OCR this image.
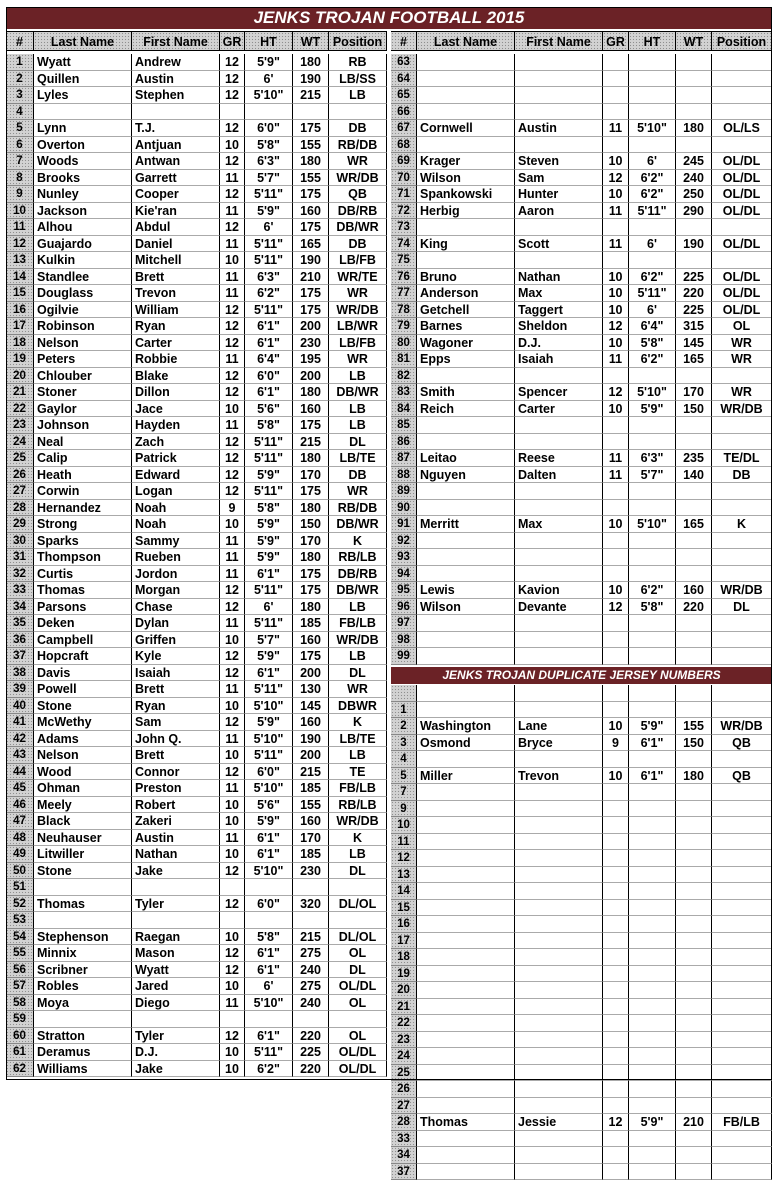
JENKS TROJAN FOOTBALL 2015
#	Last Name	First Name	GR	HT	WT	Position	#	Last Name	First Name	GR	HT	WT	Position
1	Wyatt	Andrew	12	5'9"	180	RB
2	Quillen	Austin	12	6'	190	LB/SS
3	Lyles	Stephen	12	5'10"	215	LB
4
5	Lynn	T.J.	12	6'0"	175	DB
6	Overton	Antjuan	10	5'8"	155	RB/DB
7	Woods	Antwan	12	6'3"	180	WR
8	Brooks	Garrett	11	5'7"	155	WR/DB
9	Nunley	Cooper	12	5'11"	175	QB
10 Jackson	Kie'ran	11	5'9"	160	DB/RB
11 Alhou	Abdul	12	6'	175	DB/WR
12 Guajardo	Daniel	11	5'11"	165	DB
13 Kulkin	Mitchell	10	5'11"	190	LB/FB
14 Standlee	Brett	11	6'3"	210	WR/TE
15 Douglass	Trevon	11	6'2"	175	WR
16 Ogilvie	William	12	5'11"	175	WR/DB
17 Robinson	Ryan	12	6'1"	200	LB/WR
18 Nelson	Carter	12	6'1"	230	LB/FB
19 Peters	Robbie	11	6'4"	195	WR
20 Chlouber	Blake	12	6'0"	200	LB
21 Stoner	Dillon	12	6'1"	180	DB/WR
22 Gaylor	Jace	10	5'6"	160	LB
23 Johnson	Hayden	11	5'8"	175	LB
24 Neal	Zach	12	5'11"	215	DL
25 Calip	Patrick	12	5'11"	180	LB/TE
26 Heath	Edward	12	5'9"	170	DB
27 Corwin	Logan	12	5'11"	175	WR
28 Hernandez	Noah	9	5'8"	180	RB/DB
29 Strong	Noah	10	5'9"	150	DB/WR
30 Sparks	Sammy	11	5'9"	170	K
31 Thompson	Rueben	11	5'9"	180	RB/LB
32 Curtis	Jordon	11	6'1"	175	DB/RB
33 Thomas	Morgan	12	5'11"	175	DB/WR
34 Parsons	Chase	12	6'	180	LB
35 Deken	Dylan	11	5'11"	185	FB/LB
36 Campbell	Griffen	10	5'7"	160	WR/DB
37 Hopcraft	Kyle	12	5'9"	175	LB
38 Davis	Isaiah	12	6'1"	200	DL
39 Powell	Brett	11	5'11"	130	WR
40 Stone	Ryan	10	5'10"	145	DBWR
41 McWethy	Sam	12	5'9"	160	K
42 Adams	John Q.	11	5'10"	190	LB/TE
43 Nelson	Brett	10	5'11"	200	LB
44 Wood	Connor	12	6'0"	215	TE
45 Ohman	Preston	11	5'10"	185	FB/LB
46 Meely	Robert	10	5'6"	155	RB/LB
47 Black	Zakeri	10	5'9"	160	WR/DB
48 Neuhauser	Austin	11	6'1"	170	K
49 Litwiller	Nathan	10	6'1"	185	LB
50 Stone	Jake	12	5'10"	230	DL
51
52 Thomas	Tyler	12	6'0"	320	DL/OL
53
54 Stephenson	Raegan	10	5'8"	215	DL/OL
55 Minnix	Mason	12	6'1"	275	OL
56 Scribner	Wyatt	12	6'1"	240	DL
57 Robles	Jared	10	6'	275	OL/DL
58 Moya	Diego	11	5'10"	240	OL
59
60 Stratton	Tyler	12	6'1"	220	OL
61 Deramus	D.J.	10	5'11"	225	OL/DL
62 Williams	Jake	10	6'2"	220	OL/DL
63
64
65
66
67 Cornwell	Austin	11	5'10"	180	OL/LS
68
69 Krager	Steven	10	6'	245	OL/DL
70 Wilson	Sam	12	6'2"	240	OL/DL
71 Spankowski	Hunter	10	6'2"	250	OL/DL
72 Herbig	Aaron	11	5'11"	290	OL/DL
73
74 King	Scott	11	6'	190	OL/DL
75
76 Bruno	Nathan	10	6'2"	225	OL/DL
77 Anderson	Max	10	5'11"	220	OL/DL
78 Getchell	Taggert	10	6'	225	OL/DL
79 Barnes	Sheldon	12	6'4"	315	OL
80 Wagoner	D.J.	10	5'8"	145	WR
81 Epps	Isaiah	11	6'2"	165	WR
82
83 Smith	Spencer	12	5'10"	170	WR
84 Reich	Carter	10	5'9"	150	WR/DB
85
86
87 Leitao	Reese	11	6'3"	235	TE/DL
88 Nguyen	Dalten	11	5'7"	140	DB
89
90
91 Merritt	Max	10	5'10"	165	K
92
93
94
95 Lewis	Kavion	10	6'2"	160	WR/DB
96 Wilson	Devante	12	5'8"	220	DL
97
98
99
JENKS TROJAN DUPLICATE JERSEY NUMBERS
1
2	Washington	Lane	10	5'9"	155	WR/DB
3	Osmond	Bryce	9	6'1"	150	QB
4
5	Miller	Trevon	10	6'1"	180	QB
7
9
10
11
12
13
14
15
16
17
18
19
20
21
22
23
24
25
26
27
28 Thomas	Jessie	12	5'9"	210	FB/LB
33
34
37
